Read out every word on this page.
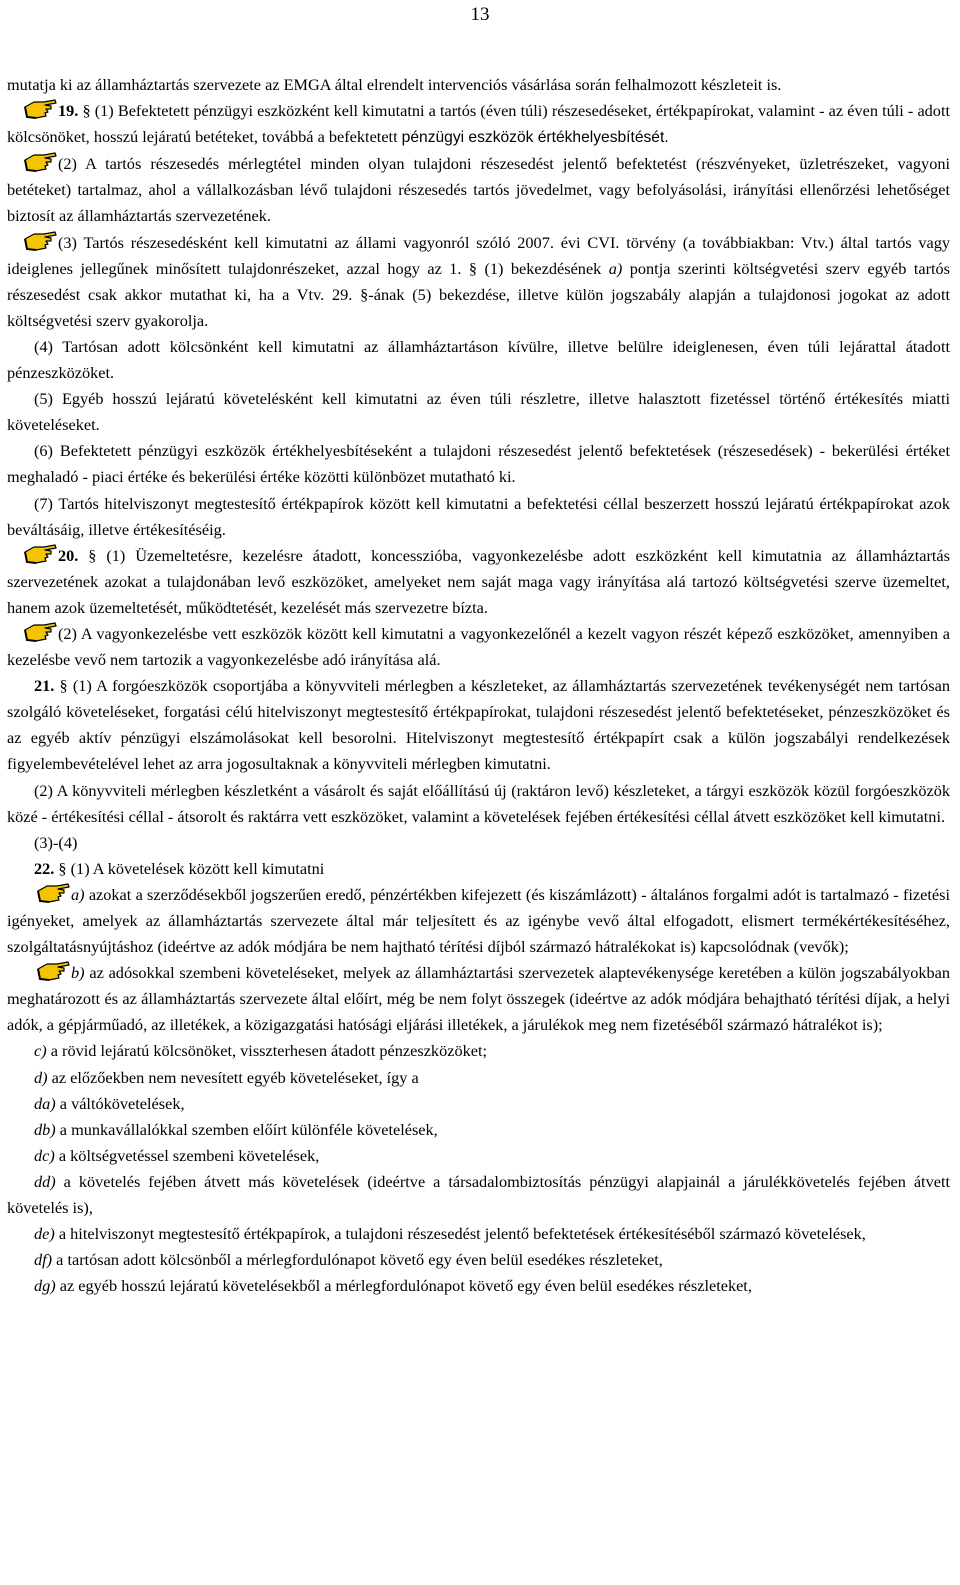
13

mutatja ki az államháztartás szervezete az EMGA által elrendelt intervenciós vásárlása során felhalmozott készleteit is.

19. § (1) Befektetett pénzügyi eszközként kell kimutatni a tartós (éven túli) részesedéseket, értékpapírokat, valamint - az éven túli - adott kölcsönöket, hosszú lejáratú betéteket, továbbá a befektetett pénzügyi eszközök értékhelyesbítését.

(2) A tartós részesedés mérlegtétel minden olyan tulajdoni részesedést jelentő befektetést (részvényeket, üzletrészeket, vagyoni betéteket) tartalmaz, ahol a vállalkozásban lévő tulajdoni részesedés tartós jövedelmet, vagy befolyásolási, irányítási ellenőrzési lehetőséget biztosít az államháztartás szervezetének.

(3) Tartós részesedésként kell kimutatni az állami vagyonról szóló 2007. évi CVI. törvény (a továbbiakban: Vtv.) által tartós vagy ideiglenes jellegűnek minősített tulajdonrészeket, azzal hogy az 1. § (1) bekezdésének a) pontja szerinti költségvetési szerv egyéb tartós részesedést csak akkor mutathat ki, ha a Vtv. 29. §-ának (5) bekezdése, illetve külön jogszabály alapján a tulajdonosi jogokat az adott költségvetési szerv gyakorolja.

(4) Tartósan adott kölcsönként kell kimutatni az államháztartáson kívülre, illetve belülre ideiglenesen, éven túli lejárattal átadott pénzeszközöket.

(5) Egyéb hosszú lejáratú követelésként kell kimutatni az éven túli részletre, illetve halasztott fizetéssel történő értékesítés miatti követeléseket.

(6) Befektetett pénzügyi eszközök értékhelyesbítéseként a tulajdoni részesedést jelentő befektetések (részesedések) - bekerülési értéket meghaladó - piaci értéke és bekerülési értéke közötti különbözet mutatható ki.

(7) Tartós hitelviszonyt megtestesítő értékpapírok között kell kimutatni a befektetési céllal beszerzett hosszú lejáratú értékpapírokat azok beváltásáig, illetve értékesítéséig.

20. § (1) Üzemeltetésre, kezelésre átadott, koncesszióba, vagyonkezelésbe adott eszközként kell kimutatnia az államháztartás szervezetének azokat a tulajdonában levő eszközöket, amelyeket nem saját maga vagy irányítása alá tartozó költségvetési szerve üzemeltet, hanem azok üzemeltetését, működtetését, kezelését más szervezetre bízta.

(2) A vagyonkezelésbe vett eszközök között kell kimutatni a vagyonkezelőnél a kezelt vagyon részét képező eszközöket, amennyiben a kezelésbe vevő nem tartozik a vagyonkezelésbe adó irányítása alá.

21. § (1) A forgóeszközök csoportjába a könyvviteli mérlegben a készleteket, az államháztartás szervezetének tevékenységét nem tartósan szolgáló követeléseket, forgatási célú hitelviszonyt megtestesítő értékpapírokat, tulajdoni részesedést jelentő befektetéseket, pénzeszközöket és az egyéb aktív pénzügyi elszámolásokat kell besorolni. Hitelviszonyt megtestesítő értékpapírt csak a külön jogszabályi rendelkezések figyelembevételével lehet az arra jogosultaknak a könyvviteli mérlegben kimutatni.

(2) A könyvviteli mérlegben készletként a vásárolt és saját előállítású új (raktáron levő) készleteket, a tárgyi eszközök közül forgóeszközök közé - értékesítési céllal - átsorolt és raktárra vett eszközöket, valamint a követelések fejében értékesítési céllal átvett eszközöket kell kimutatni.

(3)-(4)

22. § (1) A követelések között kell kimutatni

a) azokat a szerződésekből jogszerűen eredő, pénzértékben kifejezett (és kiszámlázott) - általános forgalmi adót is tartalmazó - fizetési igényeket, amelyek az államháztartás szervezete által már teljesített és az igénybe vevő által elfogadott, elismert termékértékesítéséhez, szolgáltatásnyújtáshoz (ideértve az adók módjára be nem hajtható térítési díjból származó hátralékokat is) kapcsolódnak (vevők);

b) az adósokkal szembeni követeléseket, melyek az államháztartási szervezetek alaptevékenysége keretében a külön jogszabályokban meghatározott és az államháztartás szervezete által előírt, még be nem folyt összegek (ideértve az adók módjára behajtható térítési díjak, a helyi adók, a gépjárműadó, az illetékek, a közigazgatási hatósági eljárási illetékek, a járulékok meg nem fizetéséből származó hátralékot is);

c) a rövid lejáratú kölcsönöket, visszterhesen átadott pénzeszközöket;

d) az előzőekben nem nevesített egyéb követeléseket, így a

da) a váltókövetelések,

db) a munkavállalókkal szemben előírt különféle követelések,

dc) a költségvetéssel szembeni követelések,

dd) a követelés fejében átvett más követelések (ideértve a társadalombiztosítás pénzügyi alapjainál a járulékkövetelés fejében átvett követelés is),

de) a hitelviszonyt megtestesítő értékpapírok, a tulajdoni részesedést jelentő befektetések értékesítéséből származó követelések,

df) a tartósan adott kölcsönből a mérlegfordulónapot követő egy éven belül esedékes részleteket,

dg) az egyéb hosszú lejáratú követelésekből a mérlegfordulónapot követő egy éven belül esedékes részleteket,
